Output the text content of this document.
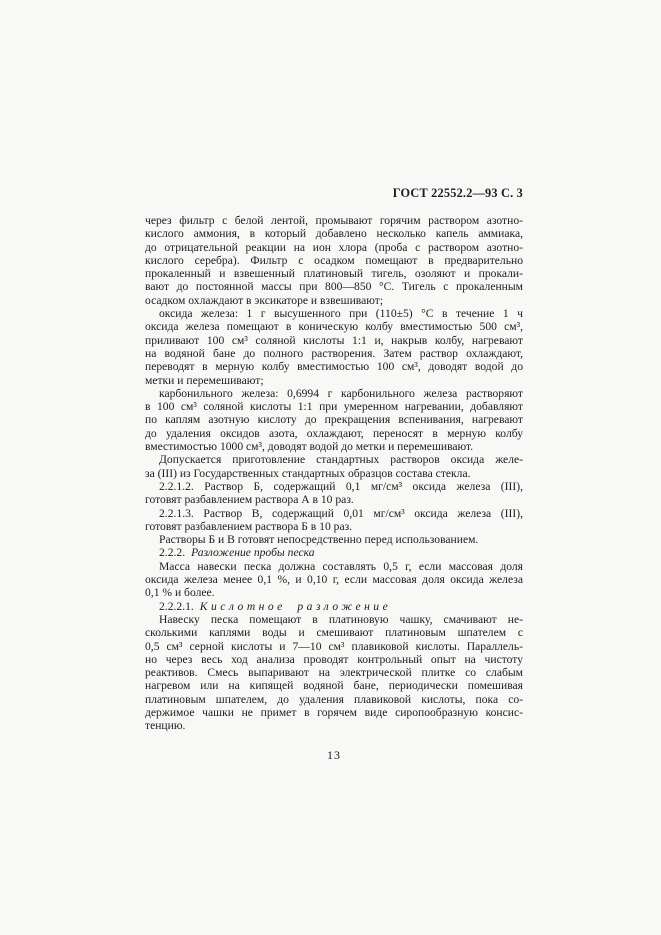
ГОСТ 22552.2—93 С. 3
через фильтр с белой лентой, промывают горячим раствором азотно-
кислого аммония, в который добавлено несколько капель аммиака,
до отрицательной реакции на ион хлора (проба с раствором азотно-
кислого серебра). Фильтр с осадком помещают в предварительно
прокаленный и взвешенный платиновый тигель, озоляют и прокали-
вают до постоянной массы при 800—850 °С. Тигель с прокаленным
осадком охлаждают в эксикаторе и взвешивают;
оксида железа: 1 г высушенного при (110±5) °С в течение 1 ч
оксида железа помещают в коническую колбу вместимостью 500 см³,
приливают 100 см³ соляной кислоты 1:1 и, накрыв колбу, нагревают
на водяной бане до полного растворения. Затем раствор охлаждают,
переводят в мерную колбу вместимостью 100 см³, доводят водой до
метки и перемешивают;
карбонильного железа: 0,6994 г карбонильного железа растворяют
в 100 см³ соляной кислоты 1:1 при умеренном нагревании, добавляют
по каплям азотную кислоту до прекращения вспенивания, нагревают
до удаления оксидов азота, охлаждают, переносят в мерную колбу
вместимостью 1000 см³, доводят водой до метки и перемешивают.
Допускается приготовление стандартных растворов оксида желе-
за (III) из Государственных стандартных образцов состава стекла.
2.2.1.2. Раствор Б, содержащий 0,1 мг/см³ оксида железа (III),
готовят разбавлением раствора А в 10 раз.
2.2.1.3. Раствор В, содержащий 0,01 мг/см³ оксида железа (III),
готовят разбавлением раствора Б в 10 раз.
Растворы Б и В готовят непосредственно перед использованием.
2.2.2. Разложение пробы песка
Масса навески песка должна составлять 0,5 г, если массовая доля
оксида железа менее 0,1 %, и 0,10 г, если массовая доля оксида железа
0,1 % и более.
2.2.2.1. Кислотное разложение
Навеску песка помещают в платиновую чашку, смачивают не-
сколькими каплями воды и смешивают платиновым шпателем с
0,5 см³ серной кислоты и 7—10 см³ плавиковой кислоты. Параллель-
но через весь ход анализа проводят контрольный опыт на чистоту
реактивов. Смесь выпаривают на электрической плитке со слабым
нагревом или на кипящей водяной бане, периодически помешивая
платиновым шпателем, до удаления плавиковой кислоты, пока со-
держимое чашки не примет в горячем виде сиропообразную консис-
тенцию.
13
